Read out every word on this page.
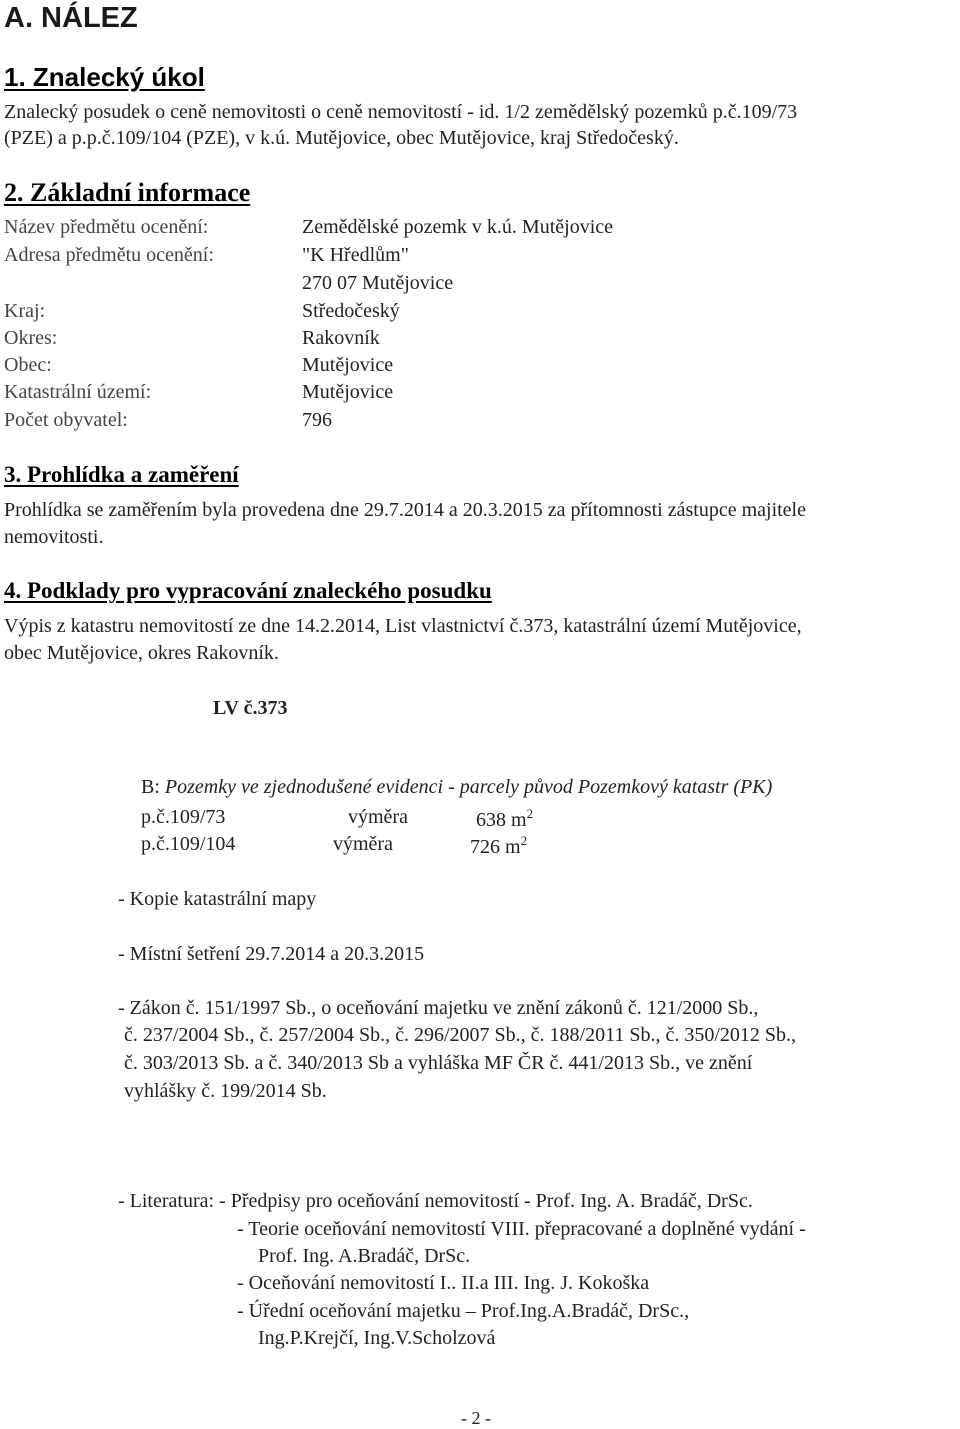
A. NÁLEZ
1. Znalecký úkol
Znalecký posudek o ceně nemovitosti o ceně nemovitostí - id. 1/2 zemědělský pozemků p.č.109/73
(PZE) a p.p.č.109/104 (PZE), v k.ú. Mutějovice, obec Mutějovice, kraj Středočeský.
2. Základní informace
Název předmětu ocenění:	Zemědělské pozemk v k.ú. Mutějovice
Adresa předmětu ocenění:	"K Hředlům"
270 07 Mutějovice
Kraj:	Středočeský
Okres:	Rakovník
Obec:	Mutějovice
Katastrální území:	Mutějovice
Počet obyvatel:	796
3. Prohlídka a zaměření
Prohlídka se zaměřením byla provedena dne 29.7.2014 a 20.3.2015 za přítomnosti zástupce majitele
nemovitosti.
4. Podklady pro vypracování znaleckého posudku
Výpis z katastru nemovitostí ze dne 14.2.2014, List vlastnictví č.373, katastrální území Mutějovice,
obec Mutějovice, okres Rakovník.
LV č.373
B: Pozemky ve zjednodušené evidenci - parcely původ Pozemkový katastr (PK)
p.č.109/73	výměra	638 $m^2$
p.č.109/104	výměra	726 $m^2$
- Kopie katastrální mapy
- Místní šetření 29.7.2014 a 20.3.2015
- Zákon č. 151/1997 Sb., o oceňování majetku ve znění zákonů č. 121/2000 Sb.,
č. 237/2004 Sb., č. 257/2004 Sb., č. 296/2007 Sb., č. 188/2011 Sb., č. 350/2012 Sb.,
č. 303/2013 Sb. a č. 340/2013 Sb a vyhláška MF ČR č. 441/2013 Sb., ve znění
vyhlášky č. 199/2014 Sb.
- Literatura: - Předpisy pro oceňování nemovitostí - Prof. Ing. A. Bradáč, DrSc.
- Teorie oceňování nemovitostí VIII. přepracované a doplněné vydání -
Prof. Ing. A.Bradáč, DrSc.
- Oceňování nemovitostí I.. II.a III. Ing. J. Kokoška
- Úřední oceňování majetku – Prof.Ing.A.Bradáč, DrSc.,
Ing.P.Krejčí, Ing.V.Scholzová
- 2 -
